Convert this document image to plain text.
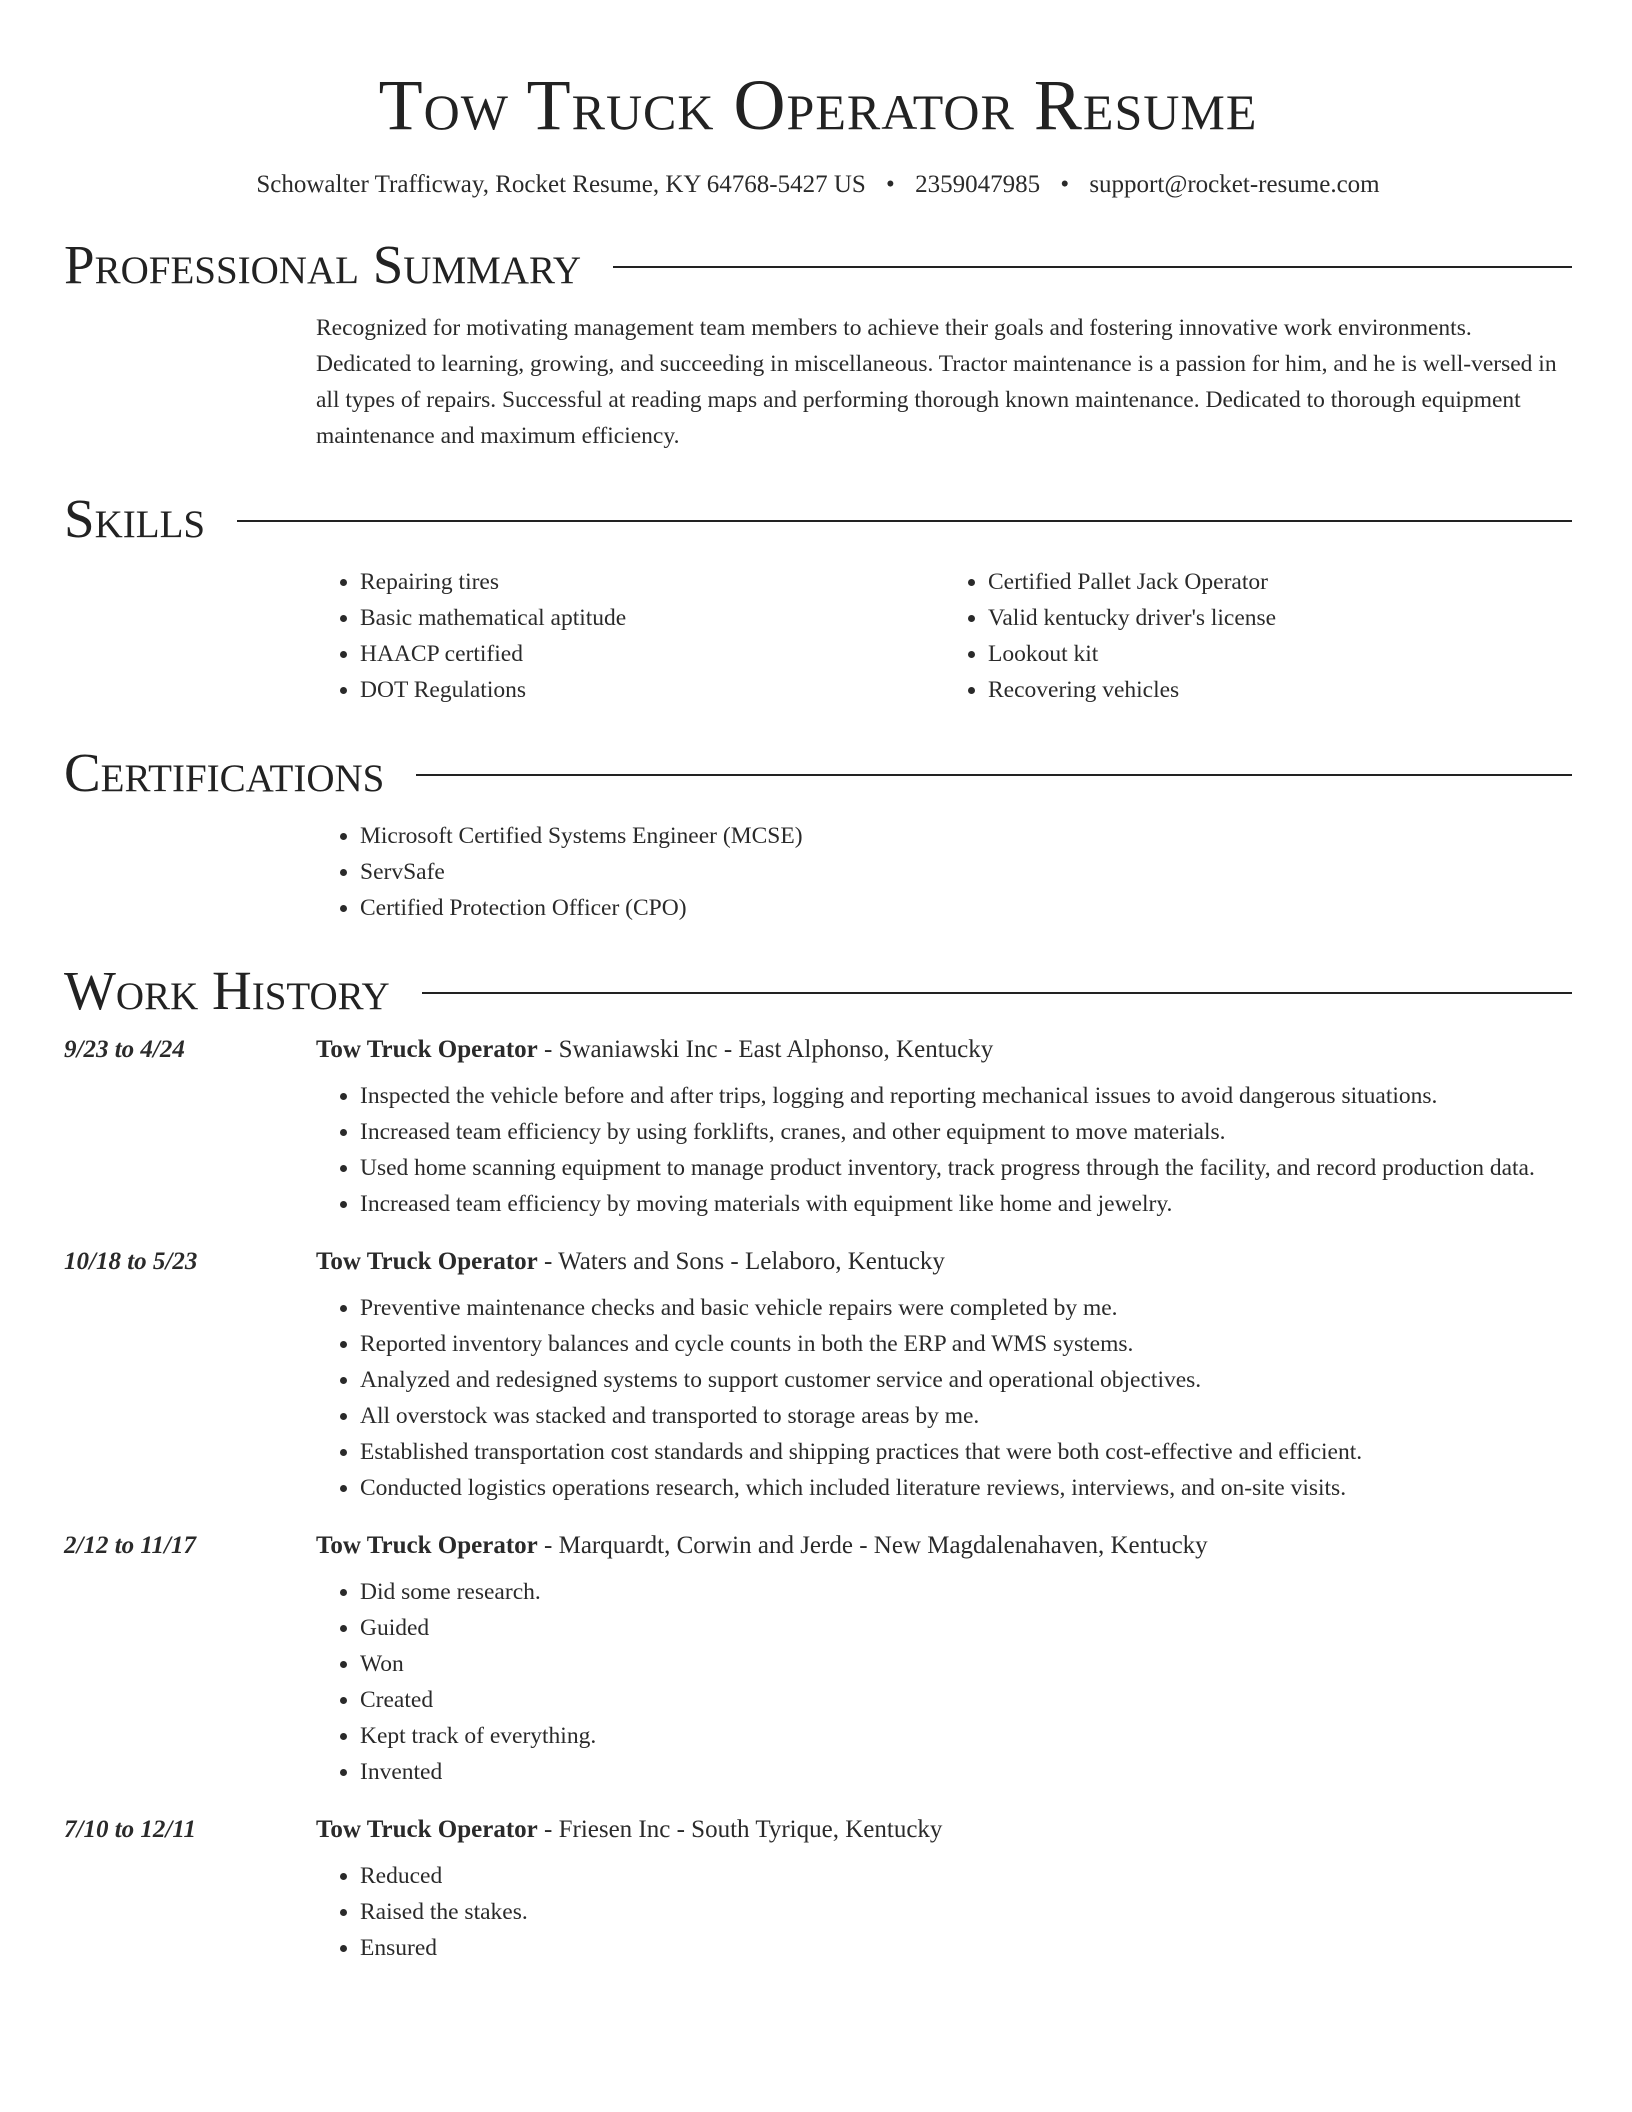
Tow Truck Operator Resume
Schowalter Trafficway, Rocket Resume, KY 64768-5427 US • 2359047985 • support@rocket-resume.com
Professional Summary
Recognized for motivating management team members to achieve their goals and fostering innovative work environments. Dedicated to learning, growing, and succeeding in miscellaneous. Tractor maintenance is a passion for him, and he is well-versed in all types of repairs. Successful at reading maps and performing thorough known maintenance. Dedicated to thorough equipment maintenance and maximum efficiency.
Skills
• Repairing tires
• Basic mathematical aptitude
• HAACP certified
• DOT Regulations
• Certified Pallet Jack Operator
• Valid kentucky driver's license
• Lookout kit
• Recovering vehicles
Certifications
• Microsoft Certified Systems Engineer (MCSE)
• ServSafe
• Certified Protection Officer (CPO)
Work History
9/23 to 4/24	Tow Truck Operator - Swaniawski Inc - East Alphonso, Kentucky
• Inspected the vehicle before and after trips, logging and reporting mechanical issues to avoid dangerous situations.
• Increased team efficiency by using forklifts, cranes, and other equipment to move materials.
• Used home scanning equipment to manage product inventory, track progress through the facility, and record production data.
• Increased team efficiency by moving materials with equipment like home and jewelry.
10/18 to 5/23	Tow Truck Operator - Waters and Sons - Lelaboro, Kentucky
• Preventive maintenance checks and basic vehicle repairs were completed by me.
• Reported inventory balances and cycle counts in both the ERP and WMS systems.
• Analyzed and redesigned systems to support customer service and operational objectives.
• All overstock was stacked and transported to storage areas by me.
• Established transportation cost standards and shipping practices that were both cost-effective and efficient.
• Conducted logistics operations research, which included literature reviews, interviews, and on-site visits.
2/12 to 11/17	Tow Truck Operator - Marquardt, Corwin and Jerde - New Magdalenahaven, Kentucky
• Did some research.
• Guided
• Won
• Created
• Kept track of everything.
• Invented
7/10 to 12/11	Tow Truck Operator - Friesen Inc - South Tyrique, Kentucky
• Reduced
• Raised the stakes.
• Ensured
